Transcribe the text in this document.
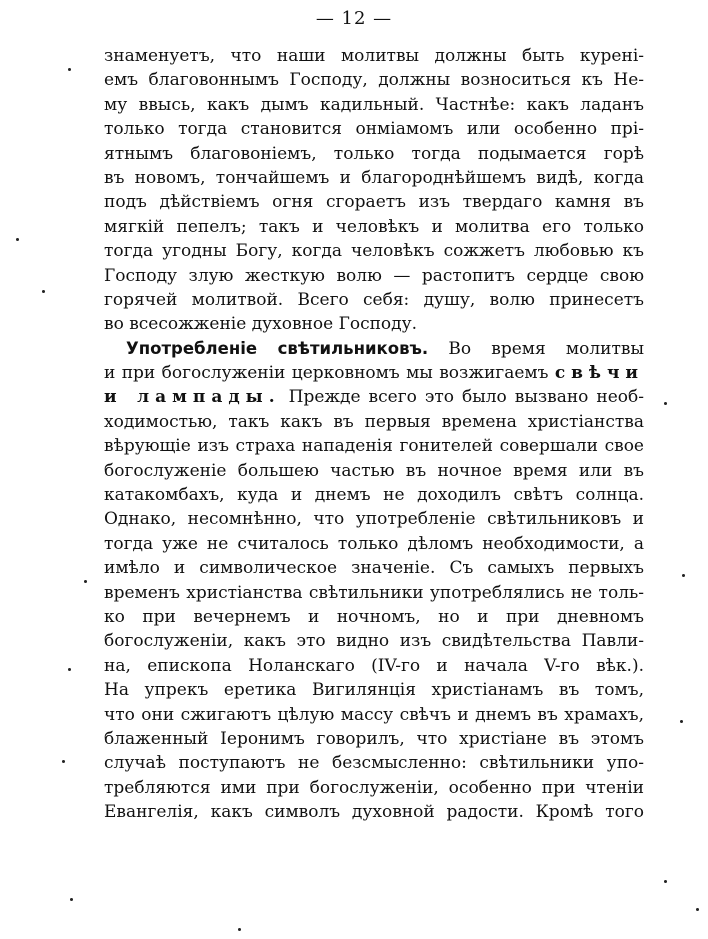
— 12 —
знаменуетъ, что наши молитвы должны быть куренi-
емъ благовоннымъ Господу, должны возноситься къ Не-
му ввысь, какъ дымъ кадильный. Частнѣе: какъ ладанъ
только тогда становится онмiамомъ или особенно прi-
ятнымъ благовонiемъ, только тогда подымается горѣ
въ новомъ, тончайшемъ и благороднѣйшемъ видѣ, когда
подъ дѣйствiемъ огня сгораетъ изъ твердаго камня въ
мягкiй пепелъ; такъ и человѣкъ и молитва его только
тогда угодны Богу, когда человѣкъ сожжетъ любовью къ
Господу злую жесткую волю — растопитъ сердце свою
горячей молитвой. Всего себя: душу, волю принесетъ
во всесожженiе духовное Господу.
Употребленiе свѣтильниковъ. Во время молитвы
и при богослуженiи церковномъ мы возжигаемъ свѣчи
и лампады. Прежде всего это было вызвано необ-
ходимостью, такъ какъ въ первыя времена христiанства
вѣрующiе изъ страха нападенiя гонителей совершали свое
богослуженiе большею частью въ ночное время или въ
катакомбахъ, куда и днемъ не доходилъ свѣтъ солнца.
Однако, несомнѣнно, что употребленiе свѣтильниковъ и
тогда уже не считалось только дѣломъ необходимости, а
имѣло и символическое значенiе. Съ самыхъ первыхъ
временъ христiанства свѣтильники употреблялись не толь-
ко при вечернемъ и ночномъ, но и при дневномъ
богослуженiи, какъ это видно изъ свидѣтельства Павли-
на, епископа Ноланскаго (IV-го и начала V-го вѣк.).
На упрекъ еретика Вигилянцiя христiанамъ въ томъ,
что они сжигаютъ цѣлую массу свѣчъ и днемъ въ храмахъ,
блаженный Iеронимъ говорилъ, что христiане въ этомъ
случаѣ поступаютъ не безсмысленно: свѣтильники упо-
требляются ими при богослуженiи, особенно при чтенiи
Евангелiя, какъ символъ духовной радости. Кромѣ того
